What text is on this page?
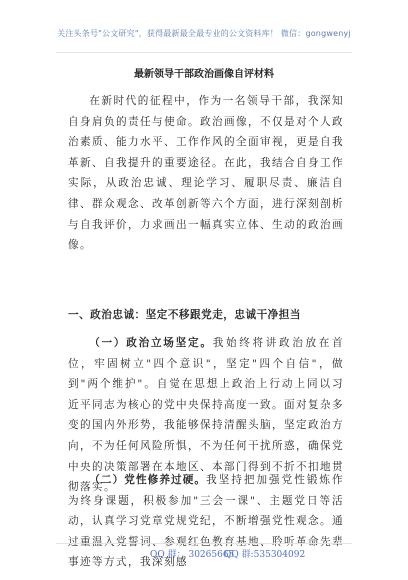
关注头条号"公文研究"，获得最新最全最专业的公文资料库！ 微信：gongwenyj
最新领导干部政治画像自评材料

在新时代的征程中，作为一名领导干部，我深知自身肩负的责任与使命。政治画像，不仅是对个人政治素质、能力水平、工作作风的全面审视，更是自我革新、自我提升的重要途径。在此，我结合自身工作实际，从政治忠诚、理论学习、履职尽责、廉洁自律、群众观念、改革创新等六个方面，进行深刻剖析与自我评价，力求画出一幅真实立体、生动的政治画像。

一、政治忠诚：坚定不移跟党走，忠诚干净担当

（一）政治立场坚定。我始终将讲政治放在首位，牢固树立"四个意识"，坚定"四个自信"，做到"两个维护"。自觉在思想上政治上行动上同以习近平同志为核心的党中央保持高度一致。面对复杂多变的国内外形势，我能够保持清醒头脑，坚定政治方向，不为任何风险所惧，不为任何干扰所惑，确保党中央的决策部署在本地区、本部门得到不折不扣地贯彻落实。

（二）党性修养过硬。我坚持把加强党性锻炼作为终身课题，积极参加"三会一课"、主题党日等活动，认真学习党章党规党纪，不断增强党性观念。通过重温入党誓词、参观红色教育基地、聆听革命先辈事迹等方式，我深刻感

QQ 群： 30265665
QQ 群:535304092
